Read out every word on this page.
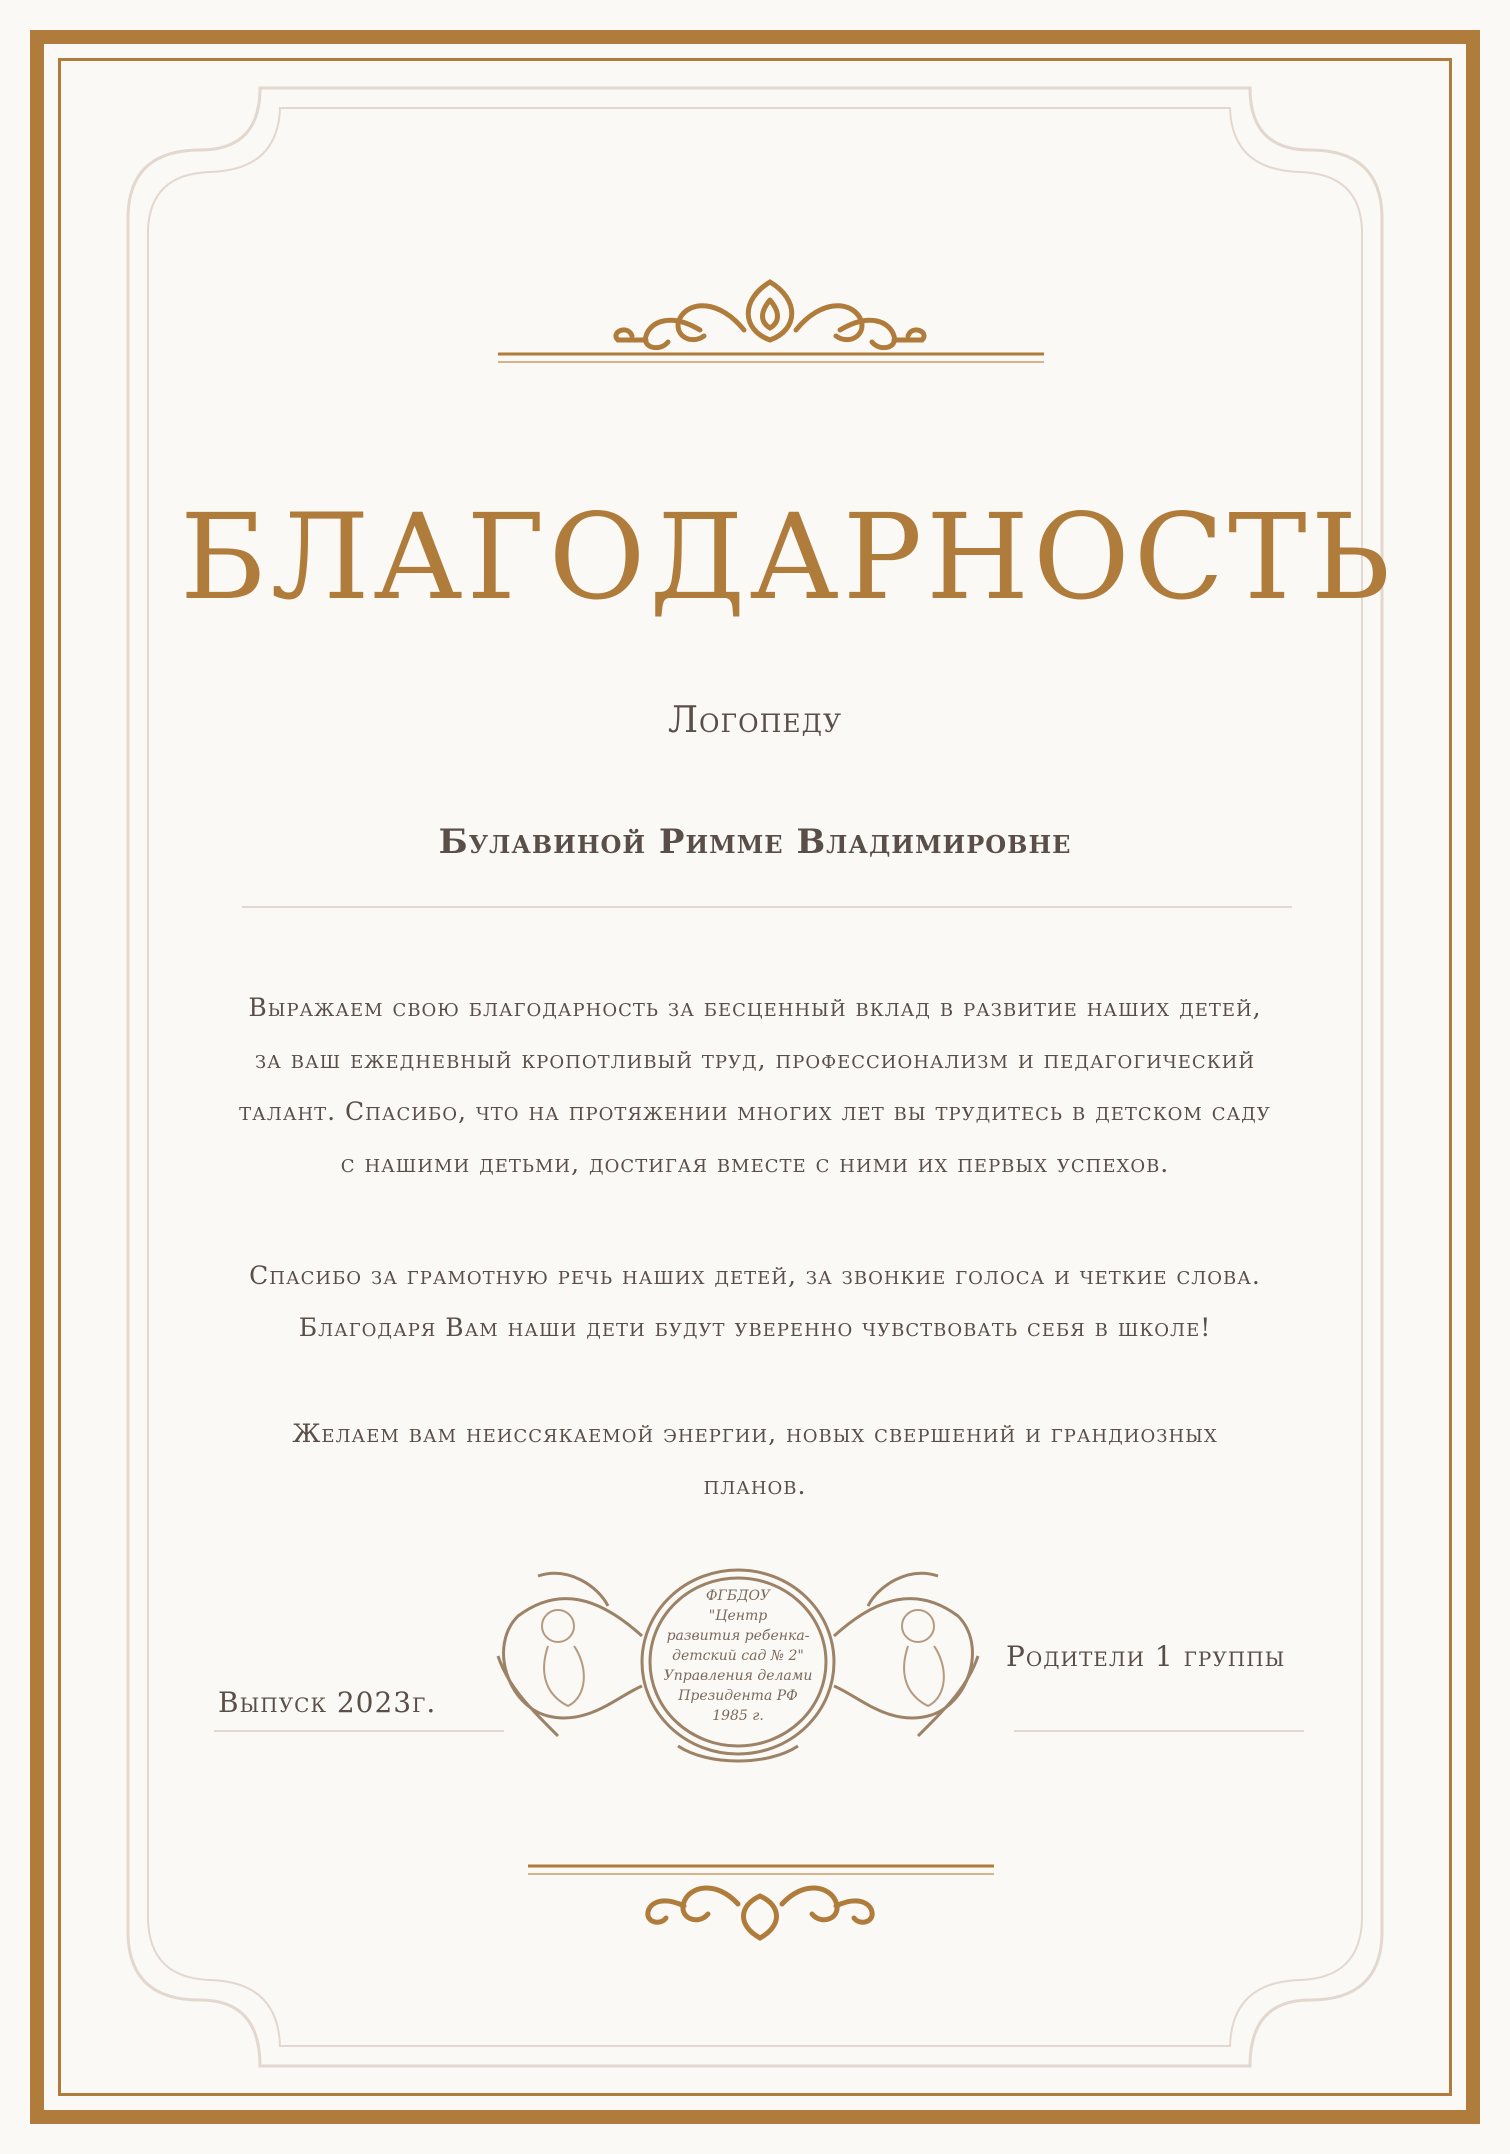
БЛАГОДАРНОСТЬ
Логопеду
Булавиной Римме Владимировне
Выражаем свою благодарность за бесценный вклад в развитие наших детей,
за ваш ежедневный кропотливый труд, профессионализм и педагогический
талант. Спасибо, что на протяжении многих лет вы трудитесь в детском саду
с нашими детьми, достигая вместе с ними их первых успехов.
Спасибо за грамотную речь наших детей, за звонкие голоса и четкие слова.
Благодаря Вам наши дети будут уверенно чувствовать себя в школе!
Желаем вам неиссякаемой энергии, новых свершений и грандиозных
планов.
Выпуск 2023г.
Родители 1 группы
ФГБДОУ
"Центр
развития ребенка-
детский сад № 2"
Управления делами
Президента РФ
1985 г.
